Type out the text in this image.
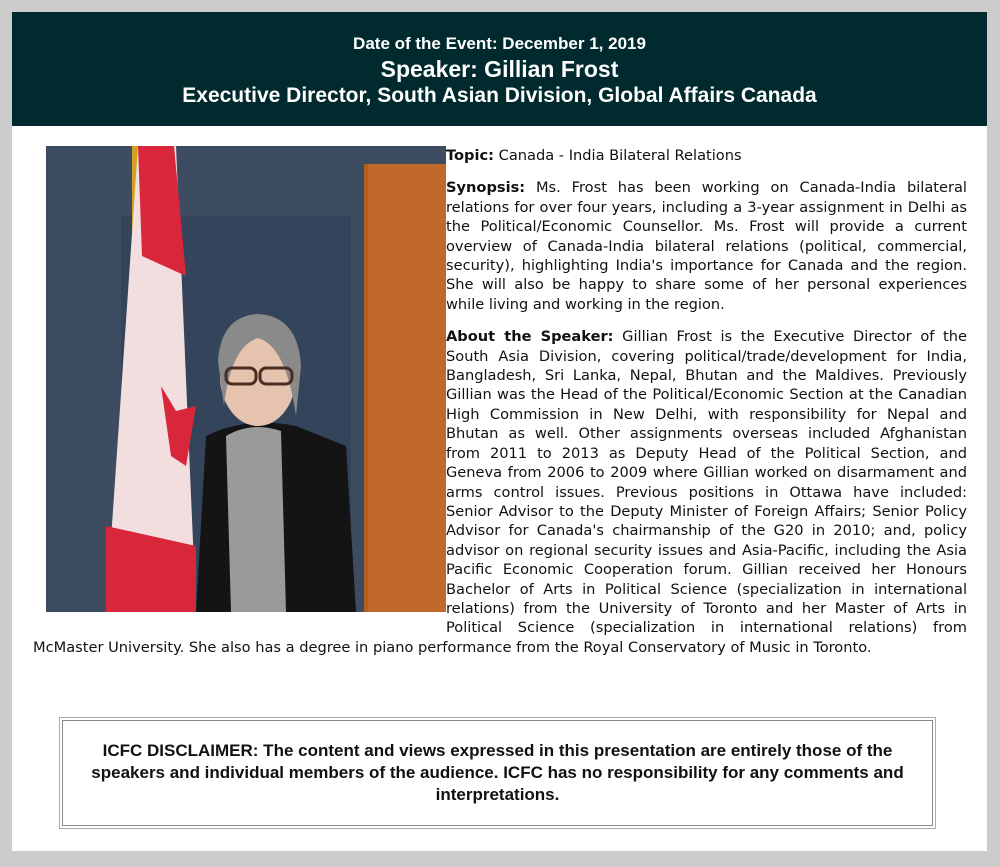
Date of the Event: December 1, 2019
Speaker: Gillian Frost
Executive Director, South Asian Division, Global Affairs Canada

Topic: Canada - India Bilateral Relations

Synopsis: Ms. Frost has been working on Canada-India bilateral relations for over four years, including a 3-year assignment in Delhi as the Political/Economic Counsellor. Ms. Frost will provide a current overview of Canada-India bilateral relations (political, commercial, security), highlighting India's importance for Canada and the region. She will also be happy to share some of her personal experiences while living and working in the region.

About the Speaker: Gillian Frost is the Executive Director of the South Asia Division, covering political/trade/development for India, Bangladesh, Sri Lanka, Nepal, Bhutan and the Maldives. Previously Gillian was the Head of the Political/Economic Section at the Canadian High Commission in New Delhi, with responsibility for Nepal and Bhutan as well. Other assignments overseas included Afghanistan from 2011 to 2013 as Deputy Head of the Political Section, and Geneva from 2006 to 2009 where Gillian worked on disarmament and arms control issues. Previous positions in Ottawa have included: Senior Advisor to the Deputy Minister of Foreign Affairs; Senior Policy Advisor for Canada's chairmanship of the G20 in 2010; and, policy advisor on regional security issues and Asia-Pacific, including the Asia Pacific Economic Cooperation forum. Gillian received her Honours Bachelor of Arts in Political Science (specialization in international relations) from the University of Toronto and her Master of Arts in Political Science (specialization in international relations) from McMaster University. She also has a degree in piano performance from the Royal Conservatory of Music in Toronto.

ICFC DISCLAIMER: The content and views expressed in this presentation are entirely those of the speakers and individual members of the audience. ICFC has no responsibility for any comments and interpretations.
